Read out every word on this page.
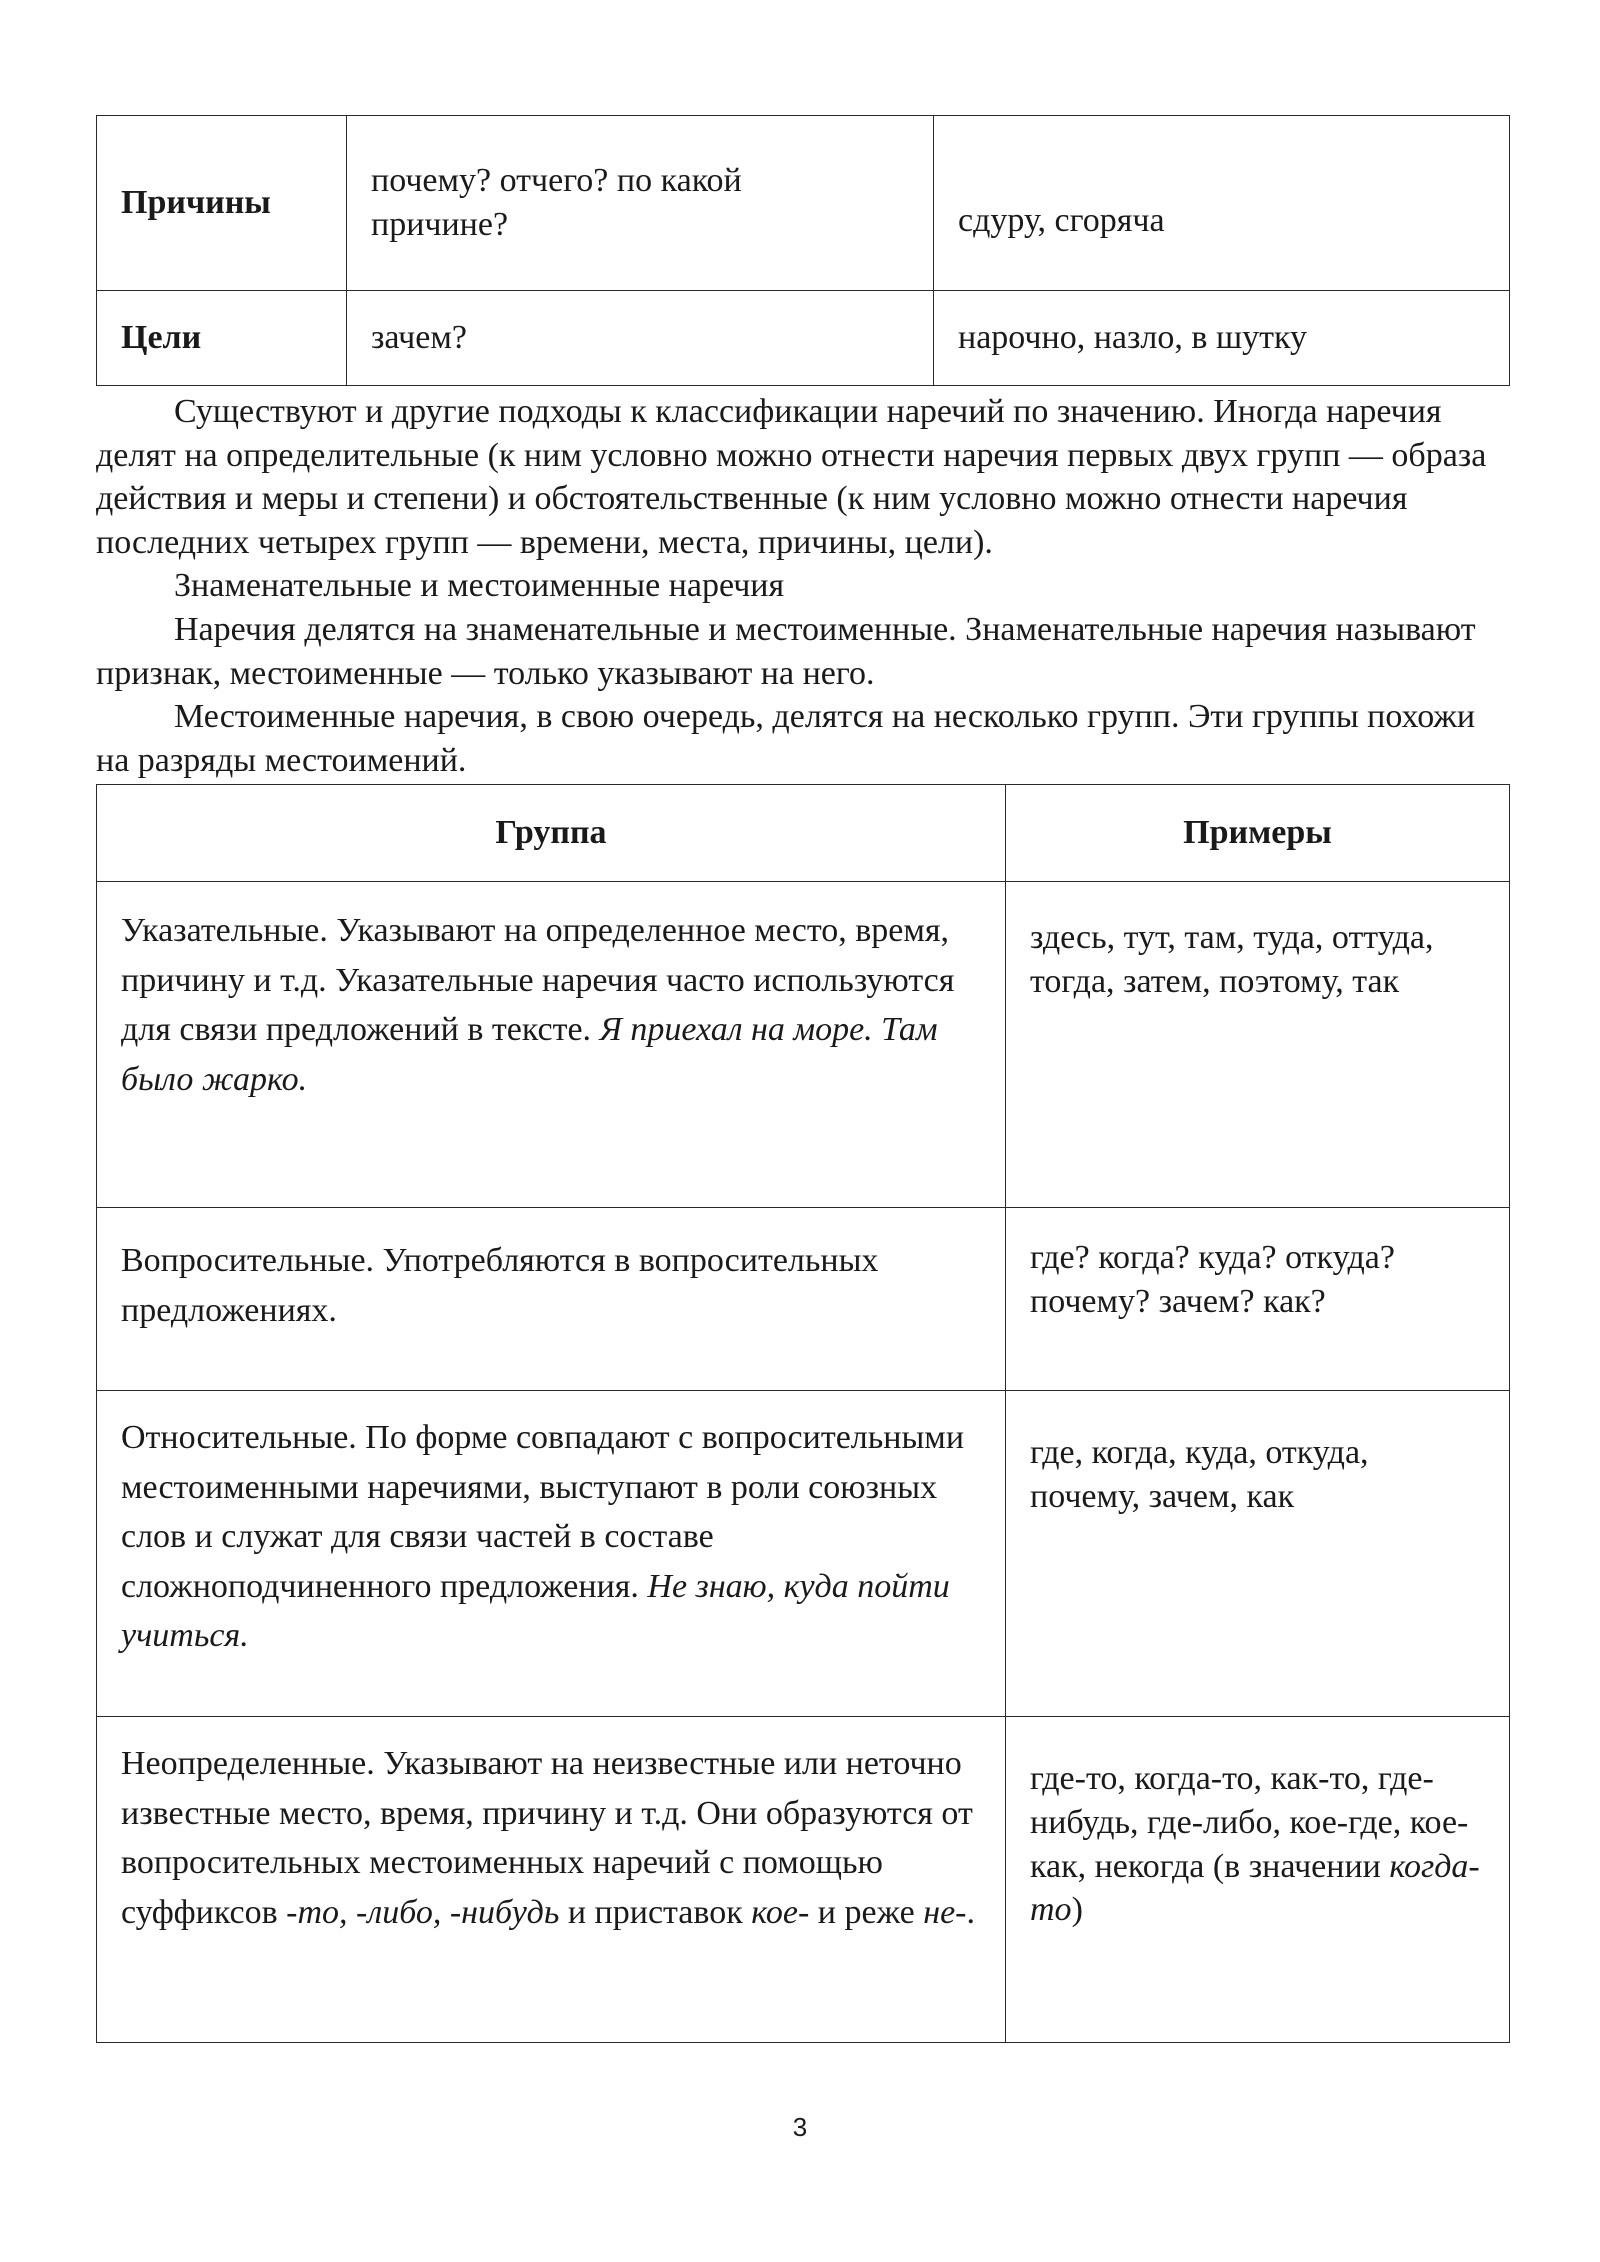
Причины	почему? отчего? по какой причине?	сдуру, сгоряча
Цели	зачем?	нарочно, назло, в шутку

Существуют и другие подходы к классификации наречий по значению. Иногда наречия делят на определительные (к ним условно можно отнести наречия первых двух групп — образа действия и меры и степени) и обстоятельственные (к ним условно можно отнести наречия последних четырех групп — времени, места, причины, цели).

Знаменательные и местоименные наречия

Наречия делятся на знаменательные и местоименные. Знаменательные наречия называют признак, местоименные — только указывают на него.

Местоименные наречия, в свою очередь, делятся на несколько групп. Эти группы похожи на разряды местоимений.

Группа	Примеры
Указательные. Указывают на определенное место, время, причину и т.д. Указательные наречия часто используются для связи предложений в тексте. Я приехал на море. Там было жарко.	здесь, тут, там, туда, оттуда, тогда, затем, поэтому, так
Вопросительные. Употребляются в вопросительных предложениях.	где? когда? куда? откуда? почему? зачем? как?
Относительные. По форме совпадают с вопросительными местоименными наречиями, выступают в роли союзных слов и служат для связи частей в составе сложноподчиненного предложения. Не знаю, куда пойти учиться.	где, когда, куда, откуда, почему, зачем, как
Неопределенные. Указывают на неизвестные или неточно известные место, время, причину и т.д. Они образуются от вопросительных местоименных наречий с помощью суффиксов -то, -либо, -нибудь и приставок кое- и реже не-.	где-то, когда-то, как-то, где-нибудь, где-либо, кое-где, кое-как, некогда (в значении когда-то)
3
